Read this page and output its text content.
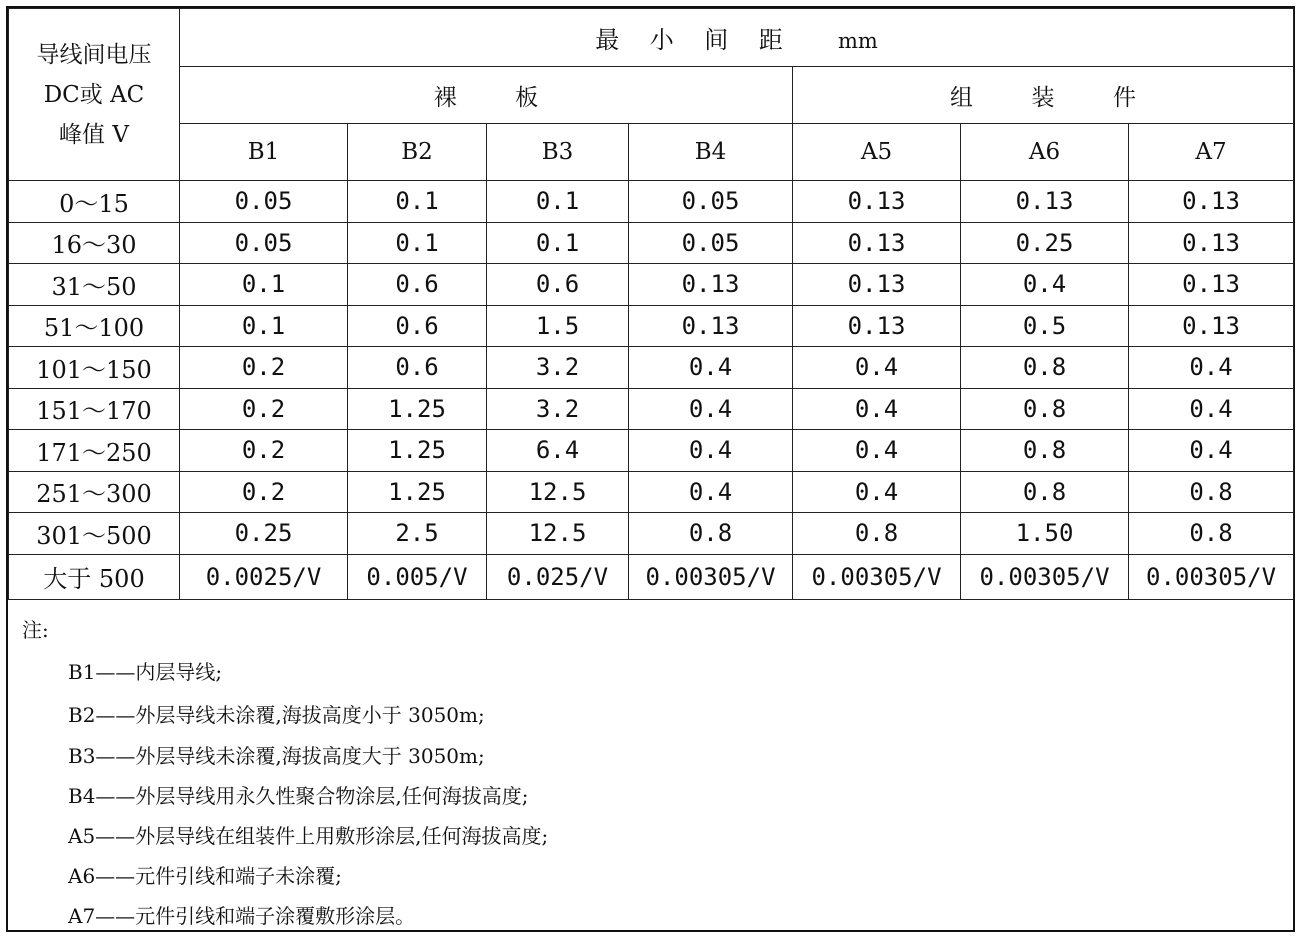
导线间电压
DC或 AC
峰值 V	最    小    间    距 mm						
	裸        板				组        装        件		
	B1	B2	B3	B4	A5	A6	A7
0～15	0.05	0.1	0.1	0.05	0.13	0.13	0.13
16～30	0.05	0.1	0.1	0.05	0.13	0.25	0.13
31～50	0.1	0.6	0.6	0.13	0.13	0.4	0.13
51～100	0.1	0.6	1.5	0.13	0.13	0.5	0.13
101～150	0.2	0.6	3.2	0.4	0.4	0.8	0.4
151～170	0.2	1.25	3.2	0.4	0.4	0.8	0.4
171～250	0.2	1.25	6.4	0.4	0.4	0.8	0.4
251～300	0.2	1.25	12.5	0.4	0.4	0.8	0.8
301～500	0.25	2.5	12.5	0.8	0.8	1.50	0.8
大于 500	0.0025/V	0.005/V	0.025/V	0.00305/V	0.00305/V	0.00305/V	0.00305/V
注:
B1——内层导线;
B2——外层导线未涂覆,海拔高度小于 3050m;
B3——外层导线未涂覆,海拔高度大于 3050m;
B4——外层导线用永久性聚合物涂层,任何海拔高度;
A5——外层导线在组装件上用敷形涂层,任何海拔高度;
A6——元件引线和端子未涂覆;
A7——元件引线和端子涂覆敷形涂层。
